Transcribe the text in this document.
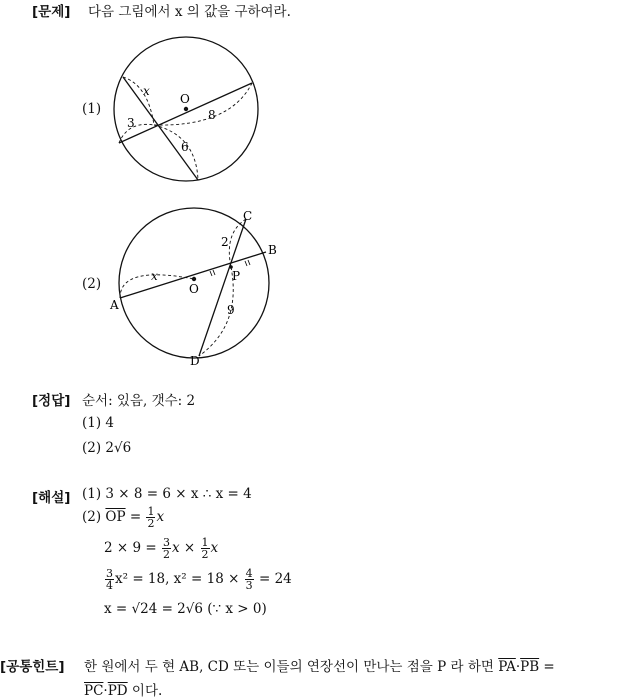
[문제] 다음 그림에서 x 의 값을 구하여라.
(1)
x
O
3
8
6
(2)
C
B
A
D
O
P
x
2
9
[정답] 순서: 있음, 갯수: 2
(1) 4
(2) 2√6
[해설] (1) 3 × 8 = 6 × x ∴ x = 4
(2) $\overline{OP} = \frac{1}{2}$ x
$2 \times 9 = \frac{3}{2}$ $x \times \frac{1}{2}$ x
$\frac{3}{4} x^2 = 18$, $x^2 = 18 \times \frac{4}{3} = 24$
x = √24 = 2√6 (∵ x > 0)
[공통힌트] 한 원에서 두 현 AB, CD 또는 이들의 연장선이 만나는 점을 P 라 하면 $\overline{PA}\cdot\overline{PB}$ =
$\overline{PC}\cdot\overline{PD}$ 이다.
